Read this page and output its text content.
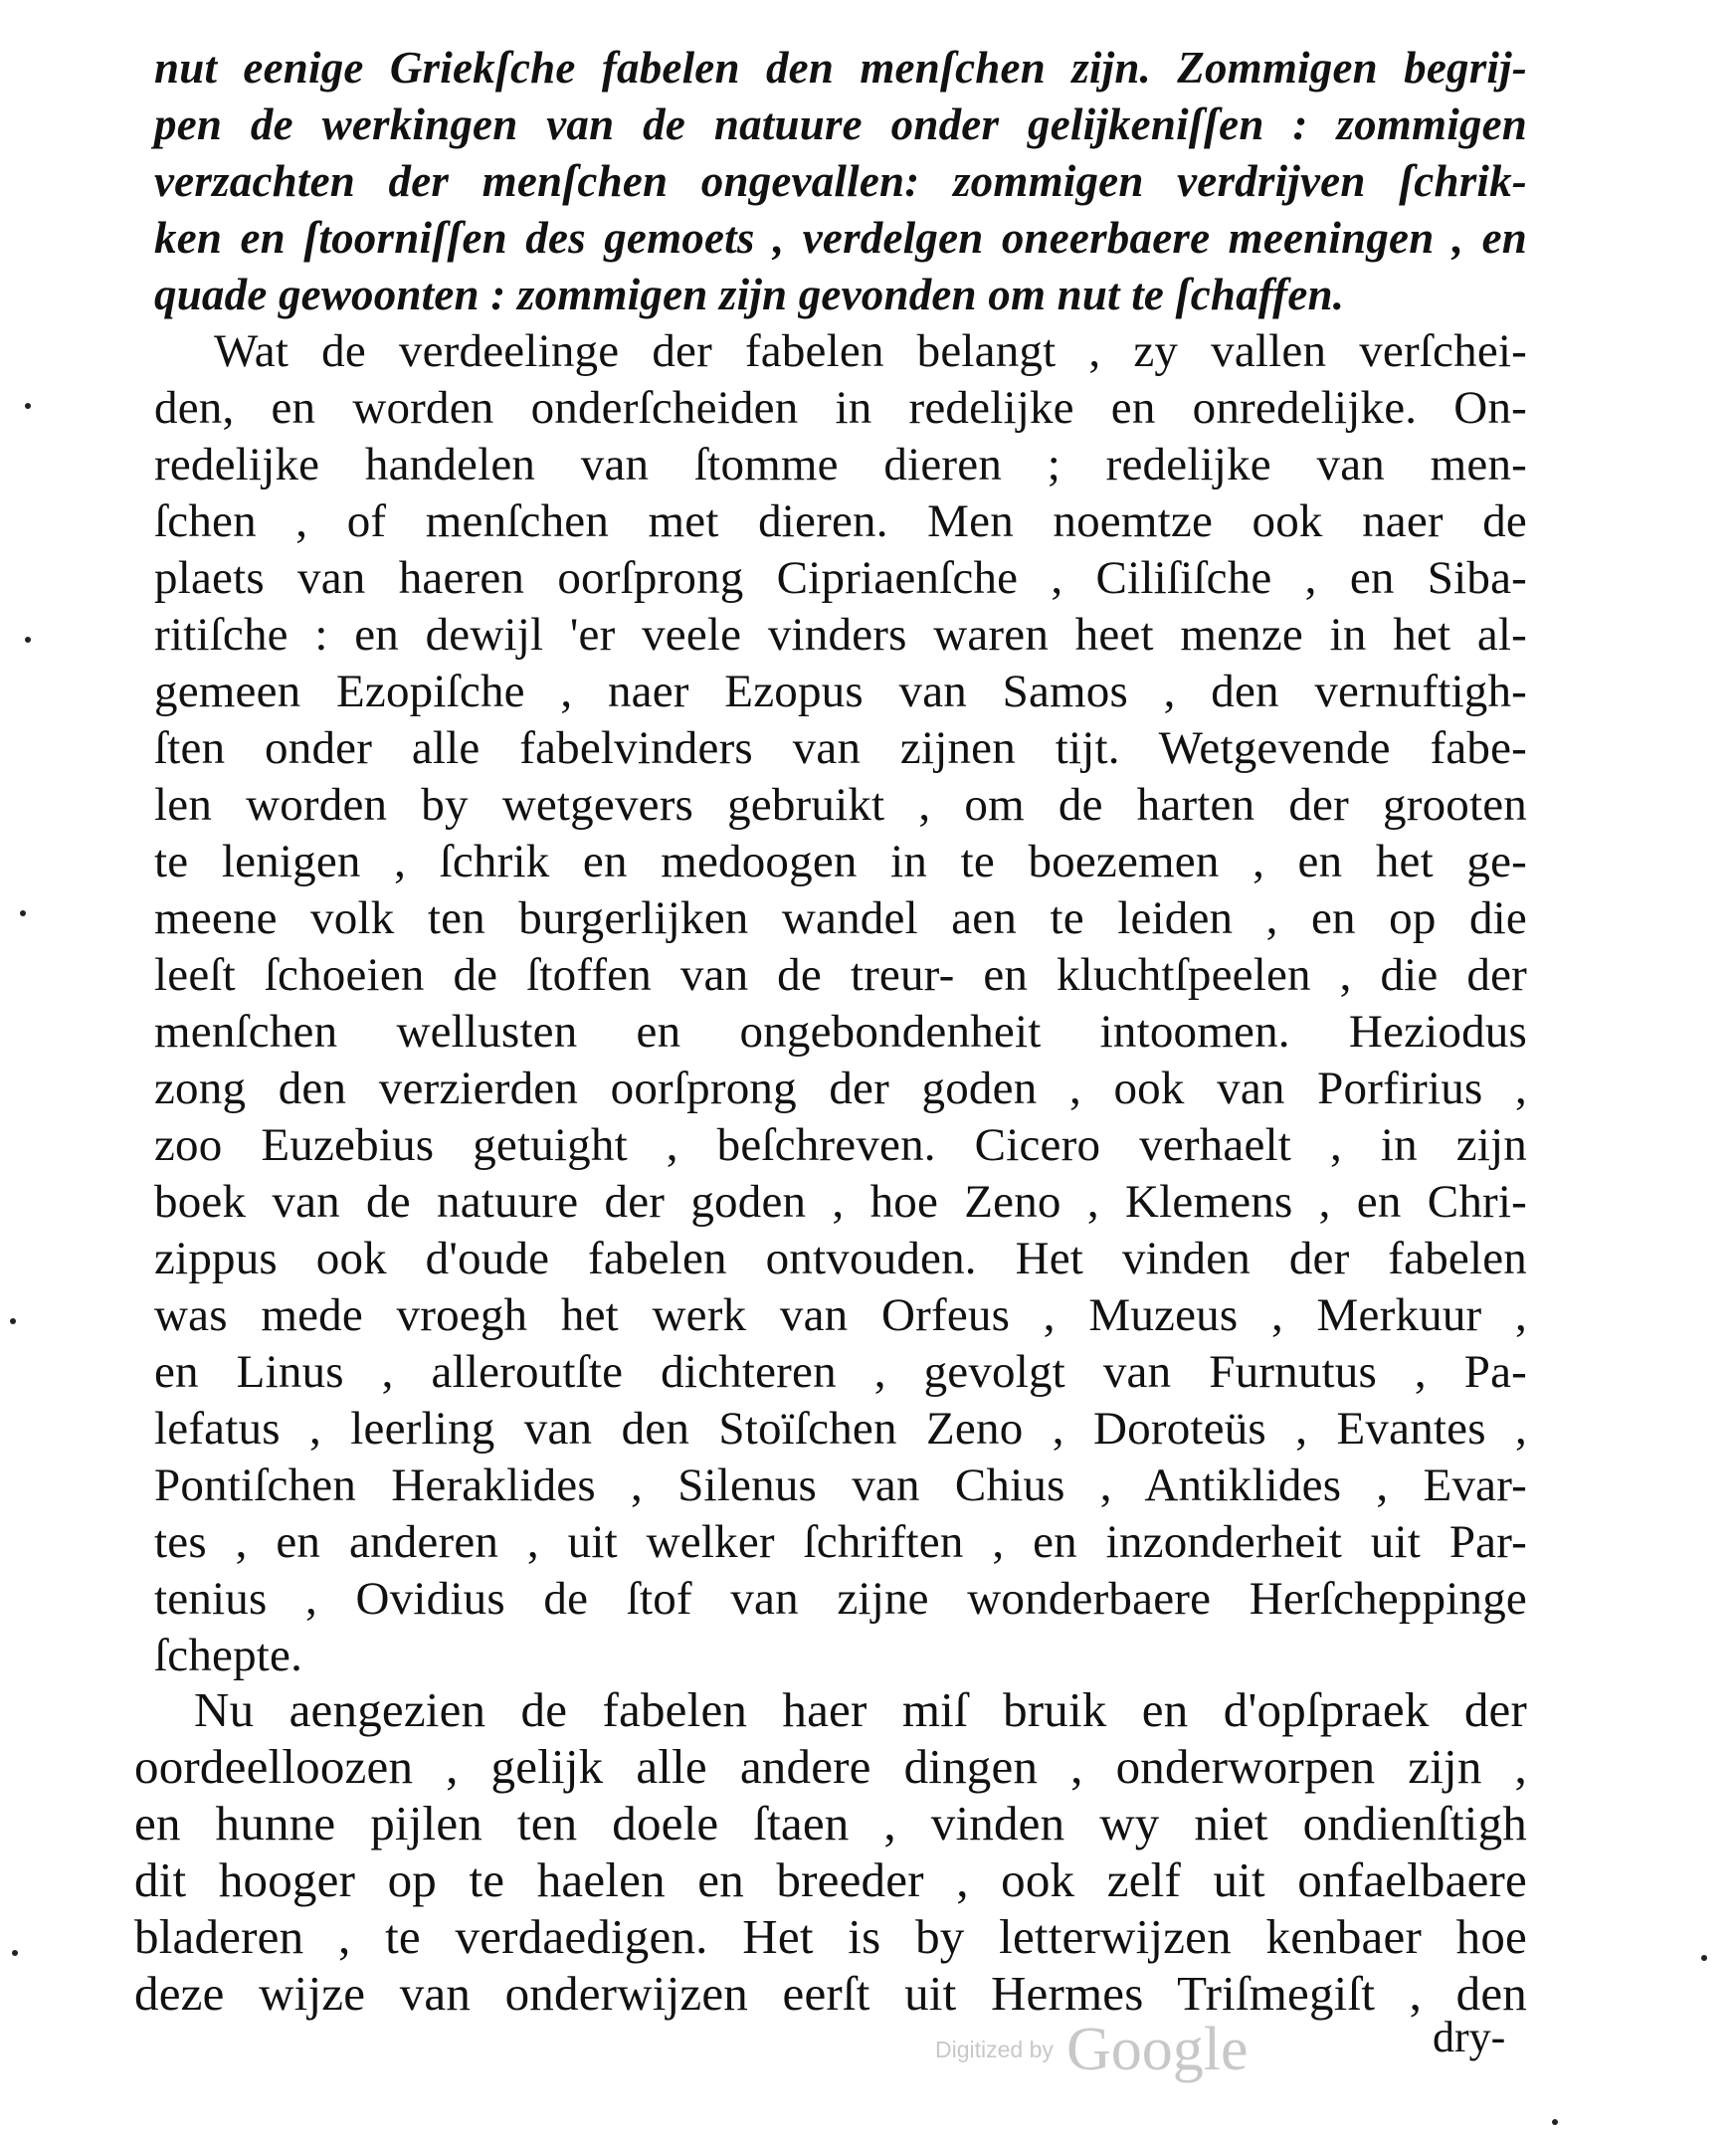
nut eenige Griekſche fabelen den menſchen zijn. Zommigen begrij-
pen de werkingen van de natuure onder gelijkeniſſen : zommigen
verzachten der menſchen ongevallen: zommigen verdrijven ſchrik-
ken en ſtoorniſſen des gemoets , verdelgen oneerbaere meeningen , en
quade gewoonten : zommigen zijn gevonden om nut te ſchaffen.
Wat de verdeelinge der fabelen belangt , zy vallen verſchei-
den, en worden onderſcheiden in redelijke en onredelijke. On-
redelijke handelen van ſtomme dieren ; redelijke van men-
ſchen , of menſchen met dieren. Men noemtze ook naer de
plaets van haeren oorſprong Cipriaenſche , Ciliſiſche , en Siba-
ritiſche : en dewijl 'er veele vinders waren heet menze in het al-
gemeen Ezopiſche , naer Ezopus van Samos , den vernuftigh-
ſten onder alle fabelvinders van zijnen tijt. Wetgevende fabe-
len worden by wetgevers gebruikt , om de harten der grooten
te lenigen , ſchrik en medoogen in te boezemen , en het ge-
meene volk ten burgerlijken wandel aen te leiden , en op die
leeſt ſchoeien de ſtoffen van de treur- en kluchtſpeelen , die der
menſchen wellusten en ongebondenheit intoomen. Heziodus
zong den verzierden oorſprong der goden , ook van Porfirius ,
zoo Euzebius getuight , beſchreven. Cicero verhaelt , in zijn
boek van de natuure der goden , hoe Zeno , Klemens , en Chri-
zippus ook d'oude fabelen ontvouden. Het vinden der fabelen
was mede vroegh het werk van Orfeus , Muzeus , Merkuur ,
en Linus , alleroutſte dichteren , gevolgt van Furnutus , Pa-
lefatus , leerling van den Stoïſchen Zeno , Doroteüs , Evantes ,
Pontiſchen Heraklides , Silenus van Chius , Antiklides , Evar-
tes , en anderen , uit welker ſchriften , en inzonderheit uit Par-
tenius , Ovidius de ſtof van zijne wonderbaere Herſcheppinge
ſchepte.
Nu aengezien de fabelen haer miſ bruik en d'opſpraek der
oordeelloozen , gelijk alle andere dingen , onderworpen zijn ,
en hunne pijlen ten doele ſtaen , vinden wy niet ondienſtigh
dit hooger op te haelen en breeder , ook zelf uit onfaelbaere
bladeren , te verdaedigen. Het is by letterwijzen kenbaer hoe
deze wijze van onderwijzen eerſt uit Hermes Triſmegiſt , den
Digitized by Google	dry-
